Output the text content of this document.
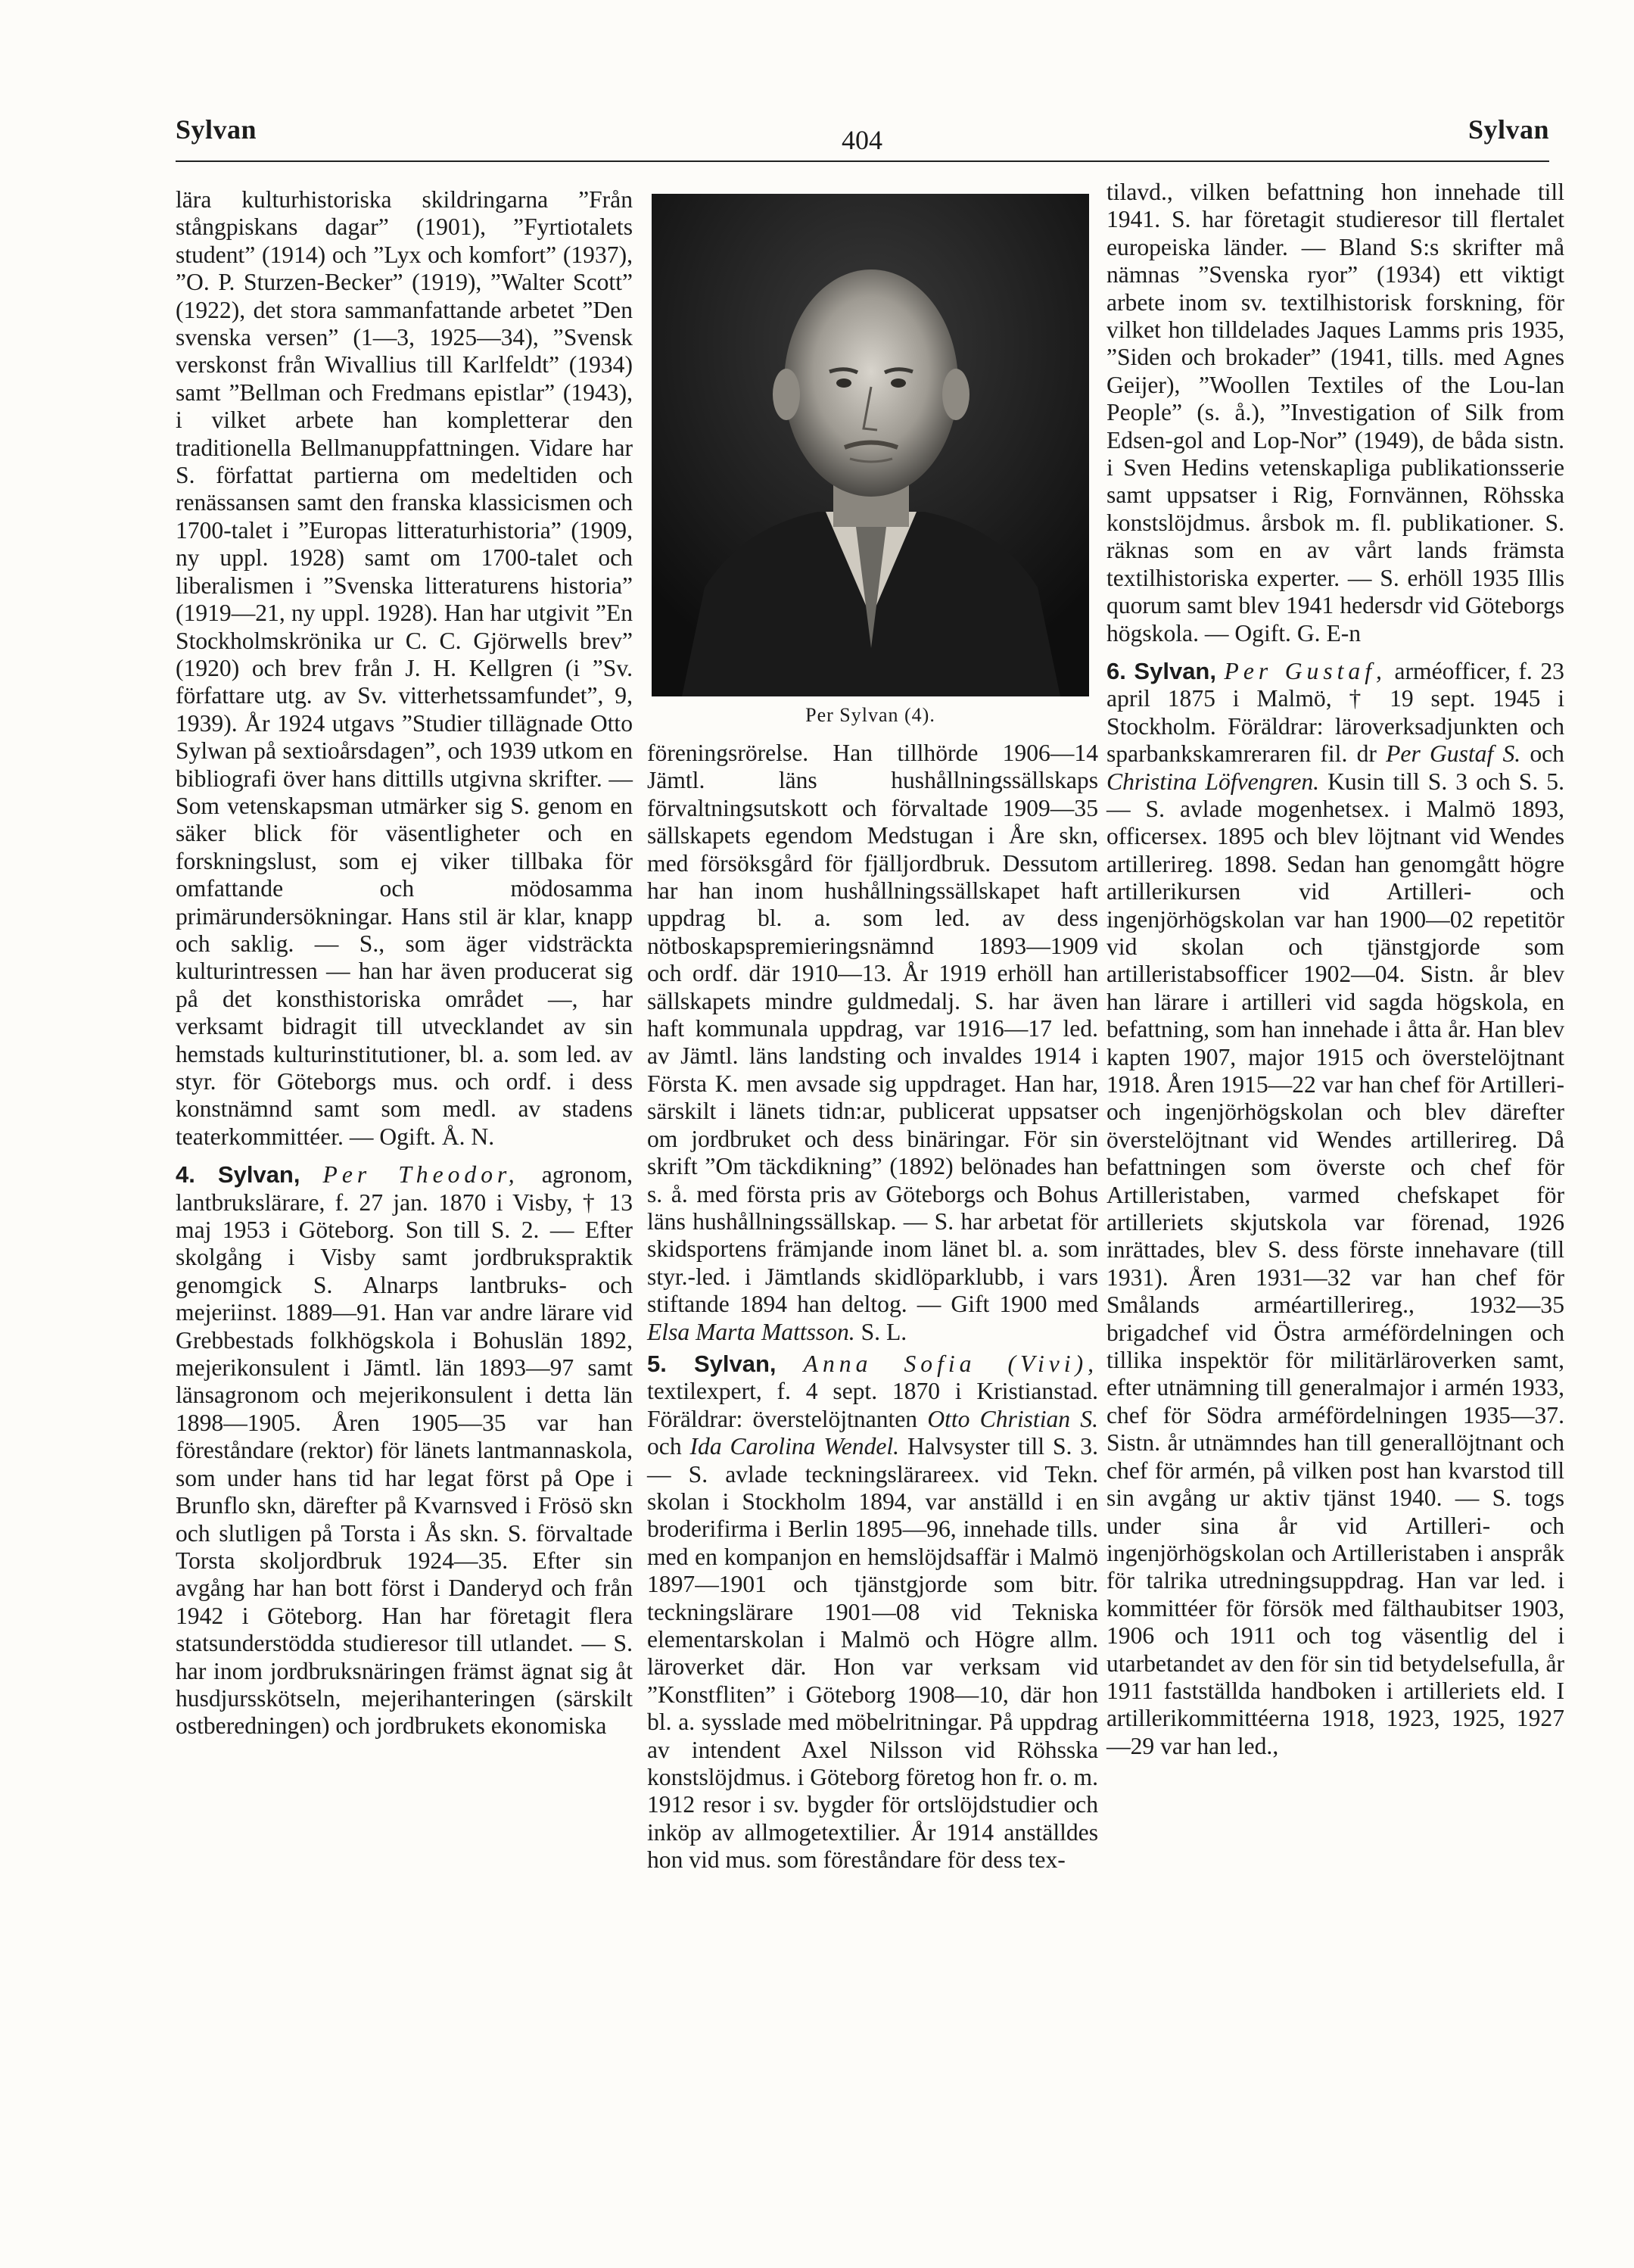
Sylvan	404	Sylvan

lära kulturhistoriska skildringarna ”Från stångpiskans dagar” (1901), ”Fyrtiotalets student” (1914) och ”Lyx och komfort” (1937), ”O. P. Sturzen-Becker” (1919), ”Walter Scott” (1922), det stora sammanfattande arbetet ”Den svenska versen” (1—3, 1925—34), ”Svensk verskonst från Wivallius till Karlfeldt” (1934) samt ”Bellman och Fredmans epistlar” (1943), i vilket arbete han kompletterar den traditionella Bellmanuppfattningen. Vidare har S. författat partierna om medeltiden och renässansen samt den franska klassicismen och 1700-talet i ”Europas litteraturhistoria” (1909, ny uppl. 1928) samt om 1700-talet och liberalismen i ”Svenska litteraturens historia” (1919—21, ny uppl. 1928). Han har utgivit ”En Stockholmskrönika ur C. C. Gjörwells brev” (1920) och brev från J. H. Kellgren (i ”Sv. författare utg. av Sv. vitterhetssamfundet”, 9, 1939). År 1924 utgavs ”Studier tillägnade Otto Sylwan på sextioårsdagen”, och 1939 utkom en bibliografi över hans dittills utgivna skrifter. — Som vetenskapsman utmärker sig S. genom en säker blick för väsentligheter och en forskningslust, som ej viker tillbaka för omfattande och mödosamma primärundersökningar. Hans stil är klar, knapp och saklig. — S., som äger vidsträckta kulturintressen — han har även producerat sig på det konsthistoriska området —, har verksamt bidragit till utvecklandet av sin hemstads kulturinstitutioner, bl. a. som led. av styr. för Göteborgs mus. och ordf. i dess konstnämnd samt som medl. av stadens teaterkommittéer. — Ogift. Å. N.

4. Sylvan, Per Theodor, agronom, lantbrukslärare, f. 27 jan. 1870 i Visby, † 13 maj 1953 i Göteborg. Son till S. 2. — Efter skolgång i Visby samt jordbrukspraktik genomgick S. Alnarps lantbruks- och mejeriinst. 1889—91. Han var andre lärare vid Grebbestads folkhögskola i Bohuslän 1892, mejerikonsulent i Jämtl. län 1893—97 samt länsagronom och mejerikonsulent i detta län 1898—1905. Åren 1905—35 var han föreståndare (rektor) för länets lantmannaskola, som under hans tid har legat först på Ope i Brunflo skn, därefter på Kvarnsved i Frösö skn och slutligen på Torsta i Ås skn. S. förvaltade Torsta skoljordbruk 1924—35. Efter sin avgång har han bott först i Danderyd och från 1942 i Göteborg. Han har företagit flera statsunderstödda studieresor till utlandet. — S. har inom jordbruksnäringen främst ägnat sig åt husdjursskötseln, mejerihanteringen (särskilt ostberedningen) och jordbrukets ekonomiska

Per Sylvan (4).

föreningsrörelse. Han tillhörde 1906—14 Jämtl. läns hushållningssällskaps förvaltningsutskott och förvaltade 1909—35 sällskapets egendom Medstugan i Åre skn, med försöksgård för fjälljordbruk. Dessutom har han inom hushållningssällskapet haft uppdrag bl. a. som led. av dess nötboskapspremieringsnämnd 1893—1909 och ordf. där 1910—13. År 1919 erhöll han sällskapets mindre guldmedalj. S. har även haft kommunala uppdrag, var 1916—17 led. av Jämtl. läns landsting och invaldes 1914 i Första K. men avsade sig uppdraget. Han har, särskilt i länets tidn:ar, publicerat uppsatser om jordbruket och dess binäringar. För sin skrift ”Om täckdikning” (1892) belönades han s. å. med första pris av Göteborgs och Bohus läns hushållningssällskap. — S. har arbetat för skidsportens främjande inom länet bl. a. som styr.-led. i Jämtlands skidlöparklubb, i vars stiftande 1894 han deltog. — Gift 1900 med Elsa Marta Mattsson. S. L.

5. Sylvan, Anna Sofia (Vivi), textilexpert, f. 4 sept. 1870 i Kristianstad. Föräldrar: överstelöjtnanten Otto Christian S. och Ida Carolina Wendel. Halvsyster till S. 3. — S. avlade teckningslärareex. vid Tekn. skolan i Stockholm 1894, var anställd i en broderifirma i Berlin 1895—96, innehade tills. med en kompanjon en hemslöjdsaffär i Malmö 1897—1901 och tjänstgjorde som bitr. teckningslärare 1901—08 vid Tekniska elementarskolan i Malmö och Högre allm. läroverket där. Hon var verksam vid ”Konstfliten” i Göteborg 1908—10, där hon bl. a. sysslade med möbelritningar. På uppdrag av intendent Axel Nilsson vid Röhsska konstslöjdmus. i Göteborg företog hon fr. o. m. 1912 resor i sv. bygder för ortslöjdstudier och inköp av allmogetextilier. År 1914 anställdes hon vid mus. som föreståndare för dess tex-

tilavd., vilken befattning hon innehade till 1941. S. har företagit studieresor till flertalet europeiska länder. — Bland S:s skrifter må nämnas ”Svenska ryor” (1934) ett viktigt arbete inom sv. textilhistorisk forskning, för vilket hon tilldelades Jaques Lamms pris 1935, ”Siden och brokader” (1941, tills. med Agnes Geijer), ”Woollen Textiles of the Lou-lan People” (s. å.), ”Investigation of Silk from Edsen-gol and Lop-Nor” (1949), de båda sistn. i Sven Hedins vetenskapliga publikationsserie samt uppsatser i Rig, Fornvännen, Röhsska konstslöjdmus. årsbok m. fl. publikationer. S. räknas som en av vårt lands främsta textilhistoriska experter. — S. erhöll 1935 Illis quorum samt blev 1941 hedersdr vid Göteborgs högskola. — Ogift. G. E-n

6. Sylvan, Per Gustaf, arméofficer, f. 23 april 1875 i Malmö, † 19 sept. 1945 i Stockholm. Föräldrar: läroverksadjunkten och sparbankskamreraren fil. dr Per Gustaf S. och Christina Löfvengren. Kusin till S. 3 och S. 5. — S. avlade mogenhetsex. i Malmö 1893, officersex. 1895 och blev löjtnant vid Wendes artillerireg. 1898. Sedan han genomgått högre artillerikursen vid Artilleri- och ingenjörhögskolan var han 1900—02 repetitör vid skolan och tjänstgjorde som artilleristabsofficer 1902—04. Sistn. år blev han lärare i artilleri vid sagda högskola, en befattning, som han innehade i åtta år. Han blev kapten 1907, major 1915 och överstelöjtnant 1918. Åren 1915—22 var han chef för Artilleri- och ingenjörhögskolan och blev därefter överstelöjtnant vid Wendes artillerireg. Då befattningen som överste och chef för Artilleristaben, varmed chefskapet för artilleriets skjutskola var förenad, 1926 inrättades, blev S. dess förste innehavare (till 1931). Åren 1931—32 var han chef för Smålands arméartillerireg., 1932—35 brigadchef vid Östra arméfördelningen och tillika inspektör för militärläroverken samt, efter utnämning till generalmajor i armén 1933, chef för Södra arméfördelningen 1935—37. Sistn. år utnämndes han till generallöjtnant och chef för armén, på vilken post han kvarstod till sin avgång ur aktiv tjänst 1940. — S. togs under sina år vid Artilleri- och ingenjörhögskolan och Artilleristaben i anspråk för talrika utredningsuppdrag. Han var led. i kommittéer för försök med fälthaubitser 1903, 1906 och 1911 och tog väsentlig del i utarbetandet av den för sin tid betydelsefulla, år 1911 fastställda handboken i artilleriets eld. I artillerikommittéerna 1918, 1923, 1925, 1927—29 var han led.,
